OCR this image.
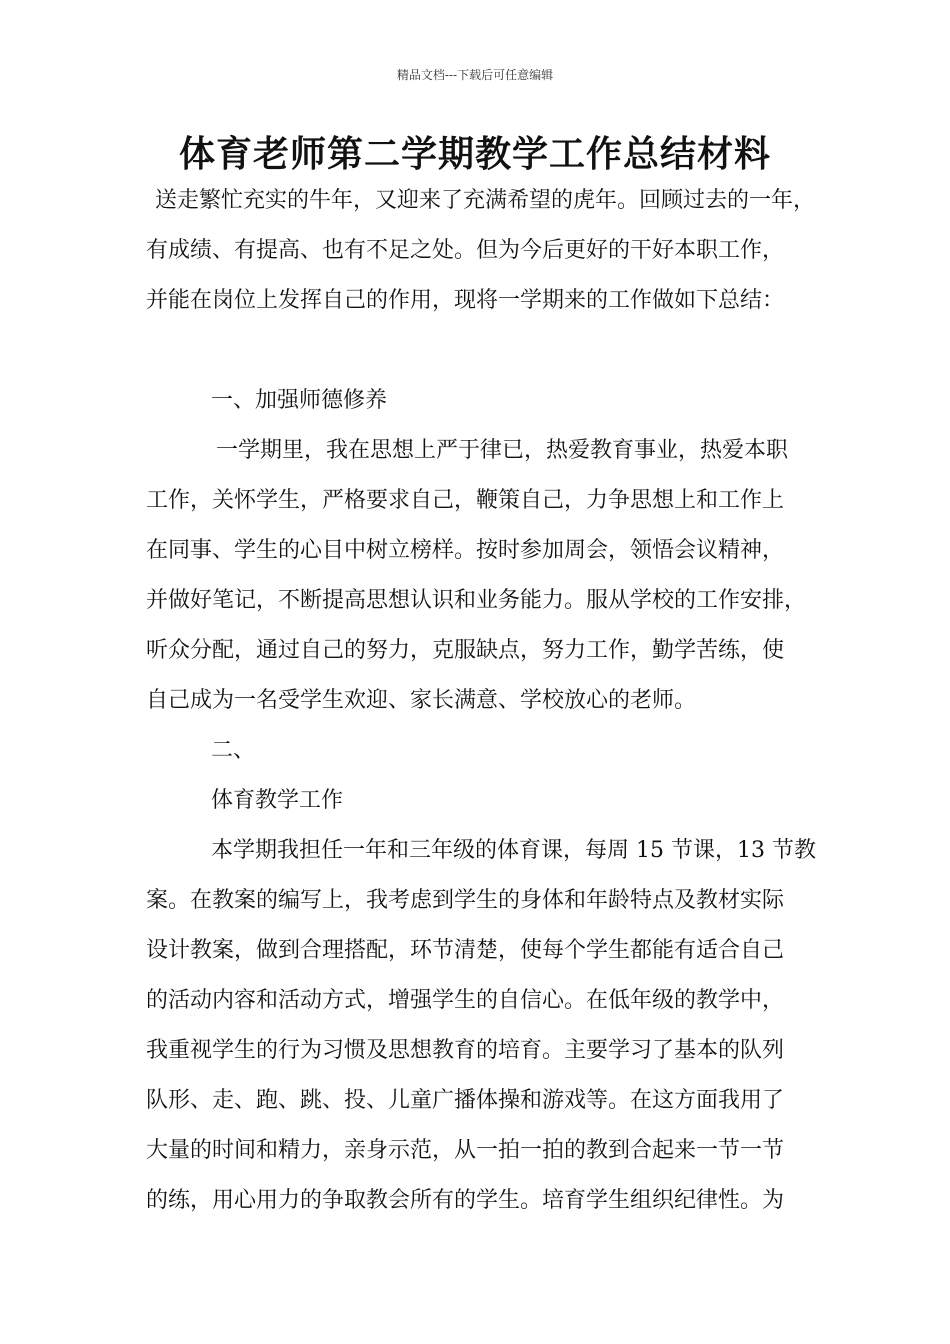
精品文档---下载后可任意编辑
体育老师第二学期教学工作总结材料
送走繁忙充实的牛年，又迎来了充满希望的虎年。回顾过去的一年，
有成绩、有提高、也有不足之处。但为今后更好的干好本职工作，
并能在岗位上发挥自己的作用，现将一学期来的工作做如下总结：
一、加强师德修养
一学期里，我在思想上严于律已，热爱教育事业，热爱本职
工作，关怀学生，严格要求自己，鞭策自己，力争思想上和工作上
在同事、学生的心目中树立榜样。按时参加周会，领悟会议精神，
并做好笔记，不断提高思想认识和业务能力。服从学校的工作安排，
听众分配，通过自己的努力，克服缺点，努力工作，勤学苦练，使
自己成为一名受学生欢迎、家长满意、学校放心的老师。
二、
体育教学工作
本学期我担任一年和三年级的体育课，每周 15 节课，13 节教
案。在教案的编写上，我考虑到学生的身体和年龄特点及教材实际
设计教案，做到合理搭配，环节清楚，使每个学生都能有适合自己
的活动内容和活动方式，增强学生的自信心。在低年级的教学中，
我重视学生的行为习惯及思想教育的培育。主要学习了基本的队列
队形、走、跑、跳、投、儿童广播体操和游戏等。在这方面我用了
大量的时间和精力，亲身示范，从一拍一拍的教到合起来一节一节
的练，用心用力的争取教会所有的学生。培育学生组织纪律性。为
